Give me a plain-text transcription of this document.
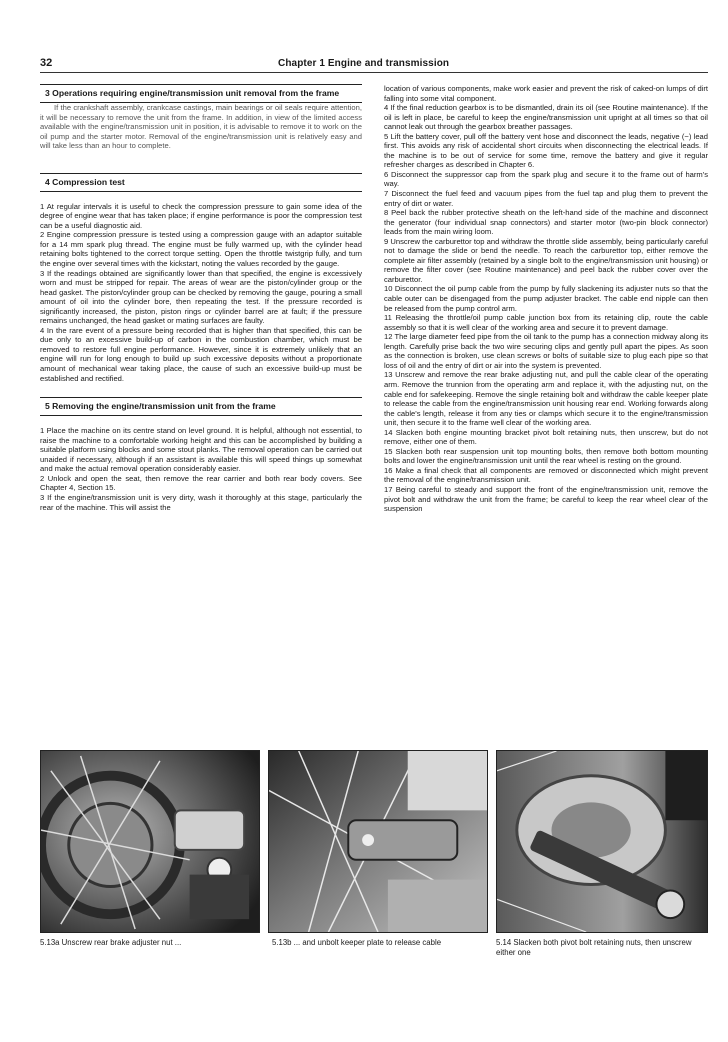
32	Chapter 1 Engine and transmission
3 Operations requiring engine/transmission unit removal from the frame

If the crankshaft assembly, crankcase castings, main bearings or oil seals require attention, it will be necessary to remove the unit from the frame. In addition, in view of the limited access available with the engine/transmission unit in position, it is advisable to remove it to work on the oil pump and the starter motor. Removal of the engine/transmission unit is relatively easy and will take less than an hour to complete.

4 Compression test

1 At regular intervals it is useful to check the compression pressure to gain some idea of the degree of engine wear that has taken place; if engine performance is poor the compression test can be a useful diagnostic aid.

2 Engine compression pressure is tested using a compression gauge with an adaptor suitable for a 14 mm spark plug thread. The engine must be fully warmed up, with the cylinder head retaining bolts tightened to the correct torque setting. Open the throttle twistgrip fully, and turn the engine over several times with the kickstart, noting the values recorded by the gauge.

3 If the readings obtained are significantly lower than that specified, the engine is excessively worn and must be stripped for repair. The areas of wear are the piston/cylinder group or the head gasket. The piston/cylinder group can be checked by removing the gauge, pouring a small amount of oil into the cylinder bore, then repeating the test. If the pressure recorded is significantly increased, the piston, piston rings or cylinder barrel are at fault; if the pressure remains unchanged, the head gasket or mating surfaces are faulty.

4 In the rare event of a pressure being recorded that is higher than that specified, this can be due only to an excessive build-up of carbon in the combustion chamber, which must be removed to restore full engine performance. However, since it is extremely unlikely that an engine will run for long enough to build up such excessive deposits without a proportionate amount of mechanical wear taking place, the cause of such an excessive build-up must be established and rectified.

5 Removing the engine/transmission unit from the frame

1 Place the machine on its centre stand on level ground. It is helpful, although not essential, to raise the machine to a comfortable working height and this can be accomplished by building a suitable platform using blocks and some stout planks. The removal operation can be carried out unaided if necessary, although if an assistant is available this will speed things up somewhat and make the actual removal operation considerably easier.

2 Unlock and open the seat, then remove the rear carrier and both rear body covers. See Chapter 4, Section 15.

3 If the engine/transmission unit is very dirty, wash it thoroughly at this stage, particularly the rear of the machine. This will assist the

location of various components, make work easier and prevent the risk of caked-on lumps of dirt falling into some vital component.

4 If the final reduction gearbox is to be dismantled, drain its oil (see Routine maintenance). If the oil is left in place, be careful to keep the engine/transmission unit upright at all times so that oil cannot leak out through the gearbox breather passages.

5 Lift the battery cover, pull off the battery vent hose and disconnect the leads, negative (−) lead first. This avoids any risk of accidental short circuits when disconnecting the electrical leads. If the machine is to be out of service for some time, remove the battery and give it regular refresher charges as described in Chapter 6.

6 Disconnect the suppressor cap from the spark plug and secure it to the frame out of harm's way.

7 Disconnect the fuel feed and vacuum pipes from the fuel tap and plug them to prevent the entry of dirt or water.

8 Peel back the rubber protective sheath on the left-hand side of the machine and disconnect the generator (four individual snap connectors) and starter motor (two-pin block connector) leads from the main wiring loom.

9 Unscrew the carburettor top and withdraw the throttle slide assembly, being particularly careful not to damage the slide or bend the needle. To reach the carburettor top, either remove the complete air filter assembly (retained by a single bolt to the engine/transmission unit housing) or remove the filter cover (see Routine maintenance) and peel back the rubber cover over the carburettor.

10 Disconnect the oil pump cable from the pump by fully slackening its adjuster nuts so that the cable outer can be disengaged from the pump adjuster bracket. The cable end nipple can then be released from the pump control arm.

11 Releasing the throttle/oil pump cable junction box from its retaining clip, route the cable assembly so that it is well clear of the working area and secure it to prevent damage.

12 The large diameter feed pipe from the oil tank to the pump has a connection midway along its length. Carefully prise back the two wire securing clips and gently pull apart the pipes. As soon as the connection is broken, use clean screws or bolts of suitable size to plug each pipe so that loss of oil and the entry of dirt or air into the system is prevented.

13 Unscrew and remove the rear brake adjusting nut, and pull the cable clear of the operating arm. Remove the trunnion from the operating arm and replace it, with the adjusting nut, on the cable end for safekeeping. Remove the single retaining bolt and withdraw the cable keeper plate to release the cable from the engine/transmission unit housing rear end. Working forwards along the cable's length, release it from any ties or clamps which secure it to the engine/transmission unit, then secure it to the frame well clear of the working area.

14 Slacken both engine mounting bracket pivot bolt retaining nuts, then unscrew, but do not remove, either one of them.

15 Slacken both rear suspension unit top mounting bolts, then remove both bottom mounting bolts and lower the engine/transmission unit until the rear wheel is resting on the ground.

16 Make a final check that all components are removed or disconnected which might prevent the removal of the engine/transmission unit.

17 Being careful to steady and support the front of the engine/transmission unit, remove the pivot bolt and withdraw the unit from the frame; be careful to keep the rear wheel clear of the suspension

5.13a Unscrew rear brake adjuster nut ...	5.13b ... and unbolt keeper plate to release cable	5.14 Slacken both pivot bolt retaining nuts, then unscrew either one
